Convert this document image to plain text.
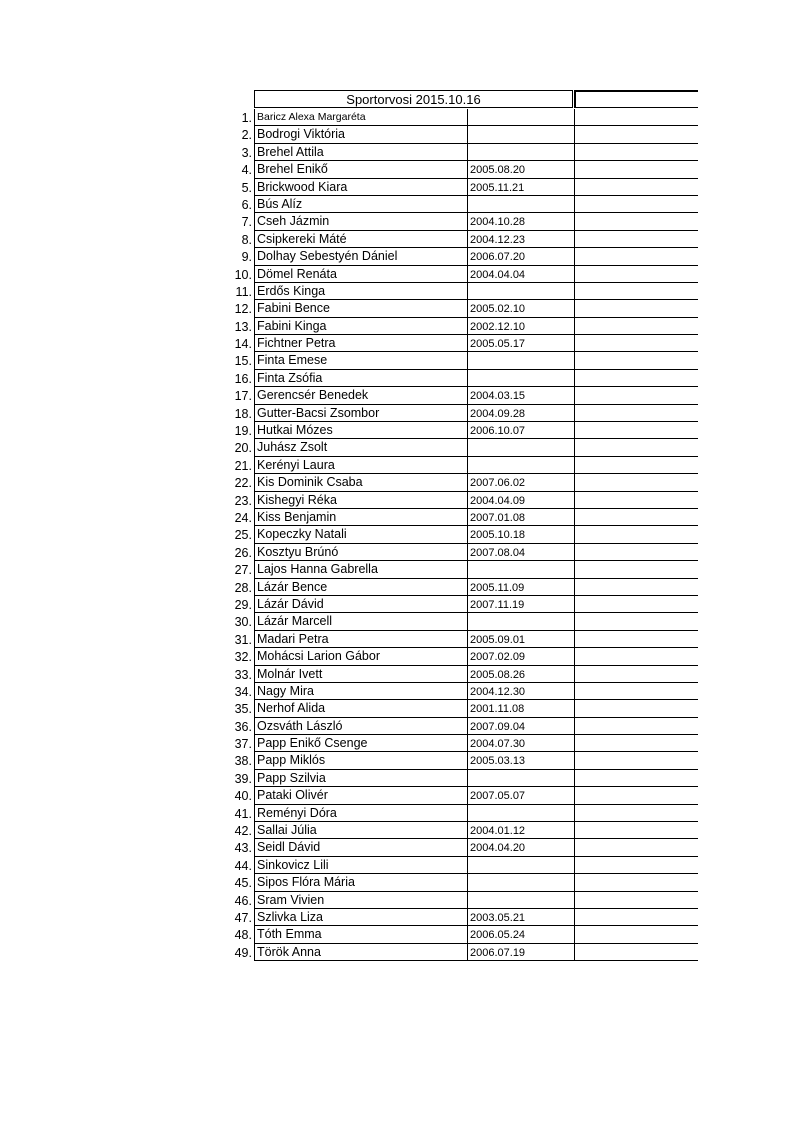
Sportorvosi 2015.10.16
1. Baricz Alexa Margaréta
2. Bodrogi Viktória
3. Brehel Attila
4. Brehel Enikő	2005.08.20
5. Brickwood Kiara	2005.11.21
6. Bús Alíz
7. Cseh Jázmin	2004.10.28
8. Csipkereki Máté	2004.12.23
9. Dolhay Sebestyén Dániel	2006.07.20
10. Dömel Renáta	2004.04.04
11. Erdős Kinga
12. Fabini Bence	2005.02.10
13. Fabini Kinga	2002.12.10
14. Fichtner Petra	2005.05.17
15. Finta Emese
16. Finta Zsófia
17. Gerencsér Benedek	2004.03.15
18. Gutter-Bacsi Zsombor	2004.09.28
19. Hutkai Mózes	2006.10.07
20. Juhász Zsolt
21. Kerényi Laura
22. Kis Dominik Csaba	2007.06.02
23. Kishegyi Réka	2004.04.09
24. Kiss Benjamin	2007.01.08
25. Kopeczky Natali	2005.10.18
26. Kosztyu Brúnó	2007.08.04
27. Lajos Hanna Gabrella
28. Lázár Bence	2005.11.09
29. Lázár Dávid	2007.11.19
30. Lázár Marcell
31. Madari Petra	2005.09.01
32. Mohácsi Larion Gábor	2007.02.09
33. Molnár Ivett	2005.08.26
34. Nagy Mira	2004.12.30
35. Nerhof Alida	2001.11.08
36. Ozsváth László	2007.09.04
37. Papp Enikő Csenge	2004.07.30
38. Papp Miklós	2005.03.13
39. Papp Szilvia
40. Pataki Olivér	2007.05.07
41. Reményi Dóra
42. Sallai Júlia	2004.01.12
43. Seidl Dávid	2004.04.20
44. Sinkovicz Lili
45. Sipos Flóra Mária
46. Sram Vivien
47. Szlivka Liza	2003.05.21
48. Tóth Emma	2006.05.24
49. Török Anna	2006.07.19
